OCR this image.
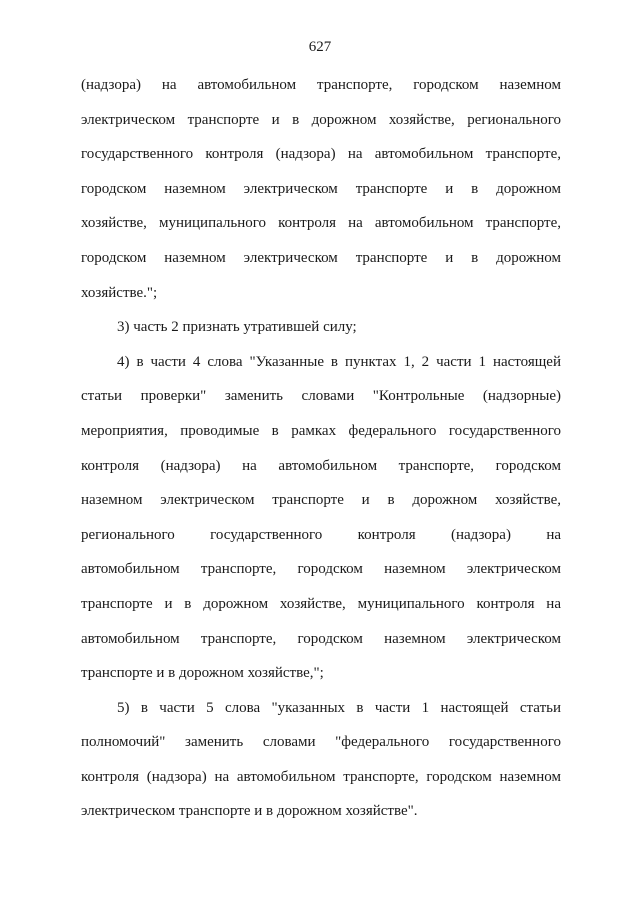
627
(надзора) на автомобильном транспорте, городском наземном
электрическом транспорте и в дорожном хозяйстве, регионального
государственного контроля (надзора) на автомобильном транспорте,
городском наземном электрическом транспорте и в дорожном
хозяйстве, муниципального контроля на автомобильном транспорте,
городском наземном электрическом транспорте и в дорожном
хозяйстве.";
3) часть 2 признать утратившей силу;
4) в части 4 слова "Указанные в пунктах 1, 2 части 1 настоящей
статьи проверки" заменить словами "Контрольные (надзорные)
мероприятия, проводимые в рамках федерального государственного
контроля (надзора) на автомобильном транспорте, городском
наземном электрическом транспорте и в дорожном хозяйстве,
регионального государственного контроля (надзора) на
автомобильном транспорте, городском наземном электрическом
транспорте и в дорожном хозяйстве, муниципального контроля на
автомобильном транспорте, городском наземном электрическом
транспорте и в дорожном хозяйстве,";
5) в части 5 слова "указанных в части 1 настоящей статьи
полномочий" заменить словами "федерального государственного
контроля (надзора) на автомобильном транспорте, городском наземном
электрическом транспорте и в дорожном хозяйстве".
